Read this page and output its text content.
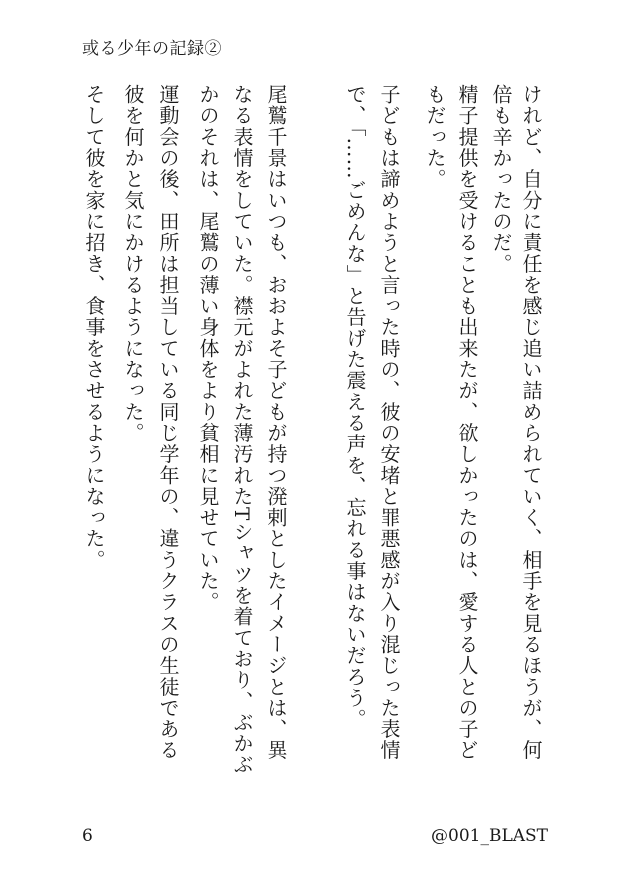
或る少年の記録②
けれど、自分に責任を感じ追い詰められていく、相手を見るほうが、何
倍も辛かったのだ。
精子提供を受けることも出来たが、欲しかったのは、愛する人との子ど
もだった。
子どもは諦めようと言った時の、彼の安堵と罪悪感が入り混じった表情
で、「……ごめんな」と告げた震える声を、忘れる事はないだろう。
尾鷲千景はいつも、おおよそ子どもが持つ溌剌としたイメージとは、異
なる表情をしていた。襟元がよれた薄汚れたTシャツを着ており、ぶかぶ
かのそれは、尾鷲の薄い身体をより貧相に見せていた。
運動会の後、田所は担当している同じ学年の、違うクラスの生徒である
彼を何かと気にかけるようになった。
そして彼を家に招き、食事をさせるようになった。
6	@001_BLAST
